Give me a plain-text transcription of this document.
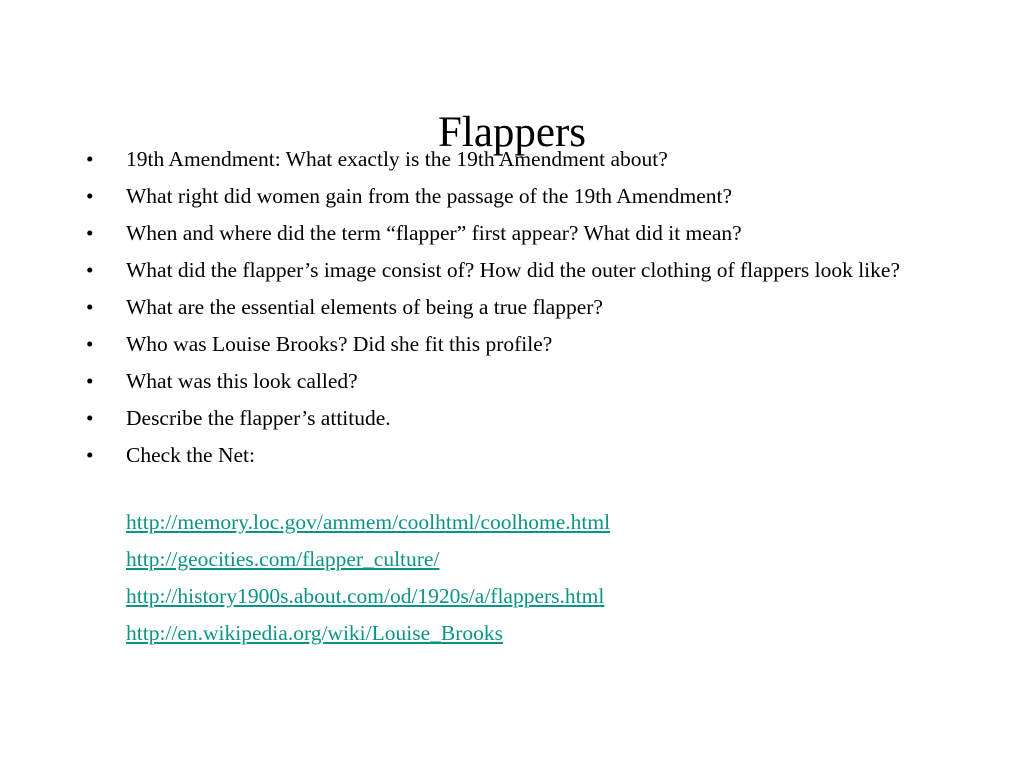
Flappers
• 19th Amendment: What exactly is the 19th Amendment about?
• What right did women gain from the passage of the 19th Amendment?
• When and where did the term “flapper” first appear? What did it mean?
• What did the flapper’s image consist of? How did the outer clothing of flappers look like?
• What are the essential elements of being a true flapper?
• Who was Louise Brooks? Did she fit this profile?
• What was this look called?
• Describe the flapper’s attitude.
• Check the Net:
http://memory.loc.gov/ammem/coolhtml/coolhome.html
http://geocities.com/flapper_culture/
http://history1900s.about.com/od/1920s/a/flappers.html
http://en.wikipedia.org/wiki/Louise_Brooks
